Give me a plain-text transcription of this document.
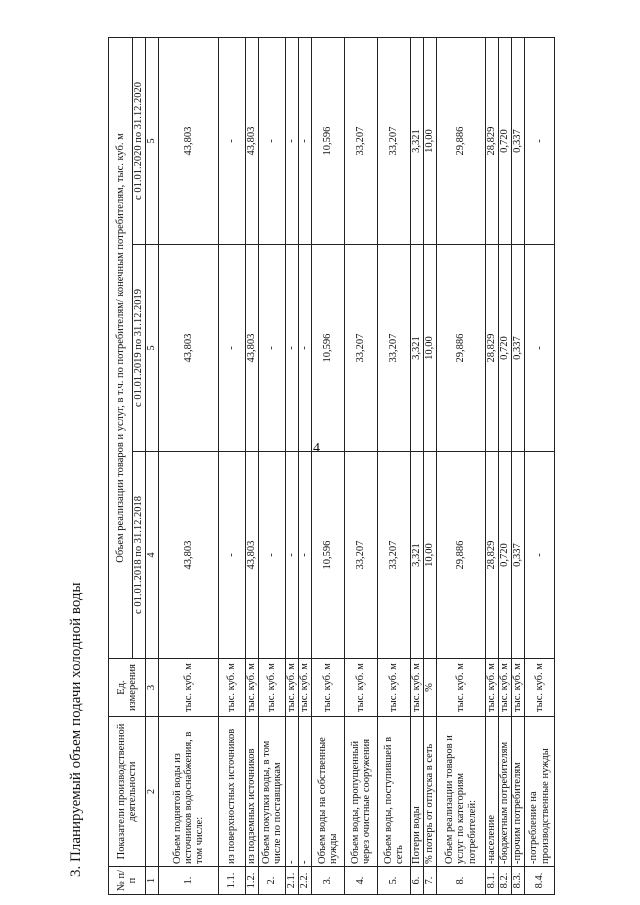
4
3. Планируемый объем подачи холодной воды
№ п/п	Показатели производственной деятельности	Ед. измерения	Объем реализации товаров и услуг, в т.ч. по потребителям/ конечным потребителям, тыс. куб. м		
			с 01.01.2018 по 31.12.2018	с 01.01.2019 по 31.12.2019	с 01.01.2020 по 31.12.2020
1	2	3	4	5	5
1.	Объем поднятой воды из источников водоснабжения, в том числе:	тыс. куб. м	43,803	43,803	43,803
1.1.	из поверхностных источников	тыс. куб. м	-	-	-
1.2.	из подземных источников	тыс. куб. м	43,803	43,803	43,803
2.	Объем покупки воды, в том числе по поставщикам	тыс. куб. м	-	-	-
2.1.	-	тыс. куб. м	-	-	-
2.2.	-	тыс. куб. м	-	-	-
3.	Объем воды на собственные нужды	тыс. куб. м	10,596	10,596	10,596
4.	Объем воды, пропущенный через очистные сооружения	тыс. куб. м	33,207	33,207	33,207
5.	Объем воды, поступившей в сеть	тыс. куб. м	33,207	33,207	33,207
6.	Потери воды	тыс. куб. м	3,321	3,321	3,321
7.	% потерь от отпуска в сеть	%	10,00	10,00	10,00
8.	Объем реализации товаров и услуг по категориям потребителей:	тыс. куб. м	29,886	29,886	29,886
8.1.	-население	тыс. куб. м	28,829	28,829	28,829
8.2.	-бюджетным потребителям	тыс. куб. м	0,720	0,720	0,720
8.3.	-прочим потребителям	тыс. куб. м	0,337	0,337	0,337
8.4.	-потребление на производственные нужды	тыс. куб. м	-	-	-
